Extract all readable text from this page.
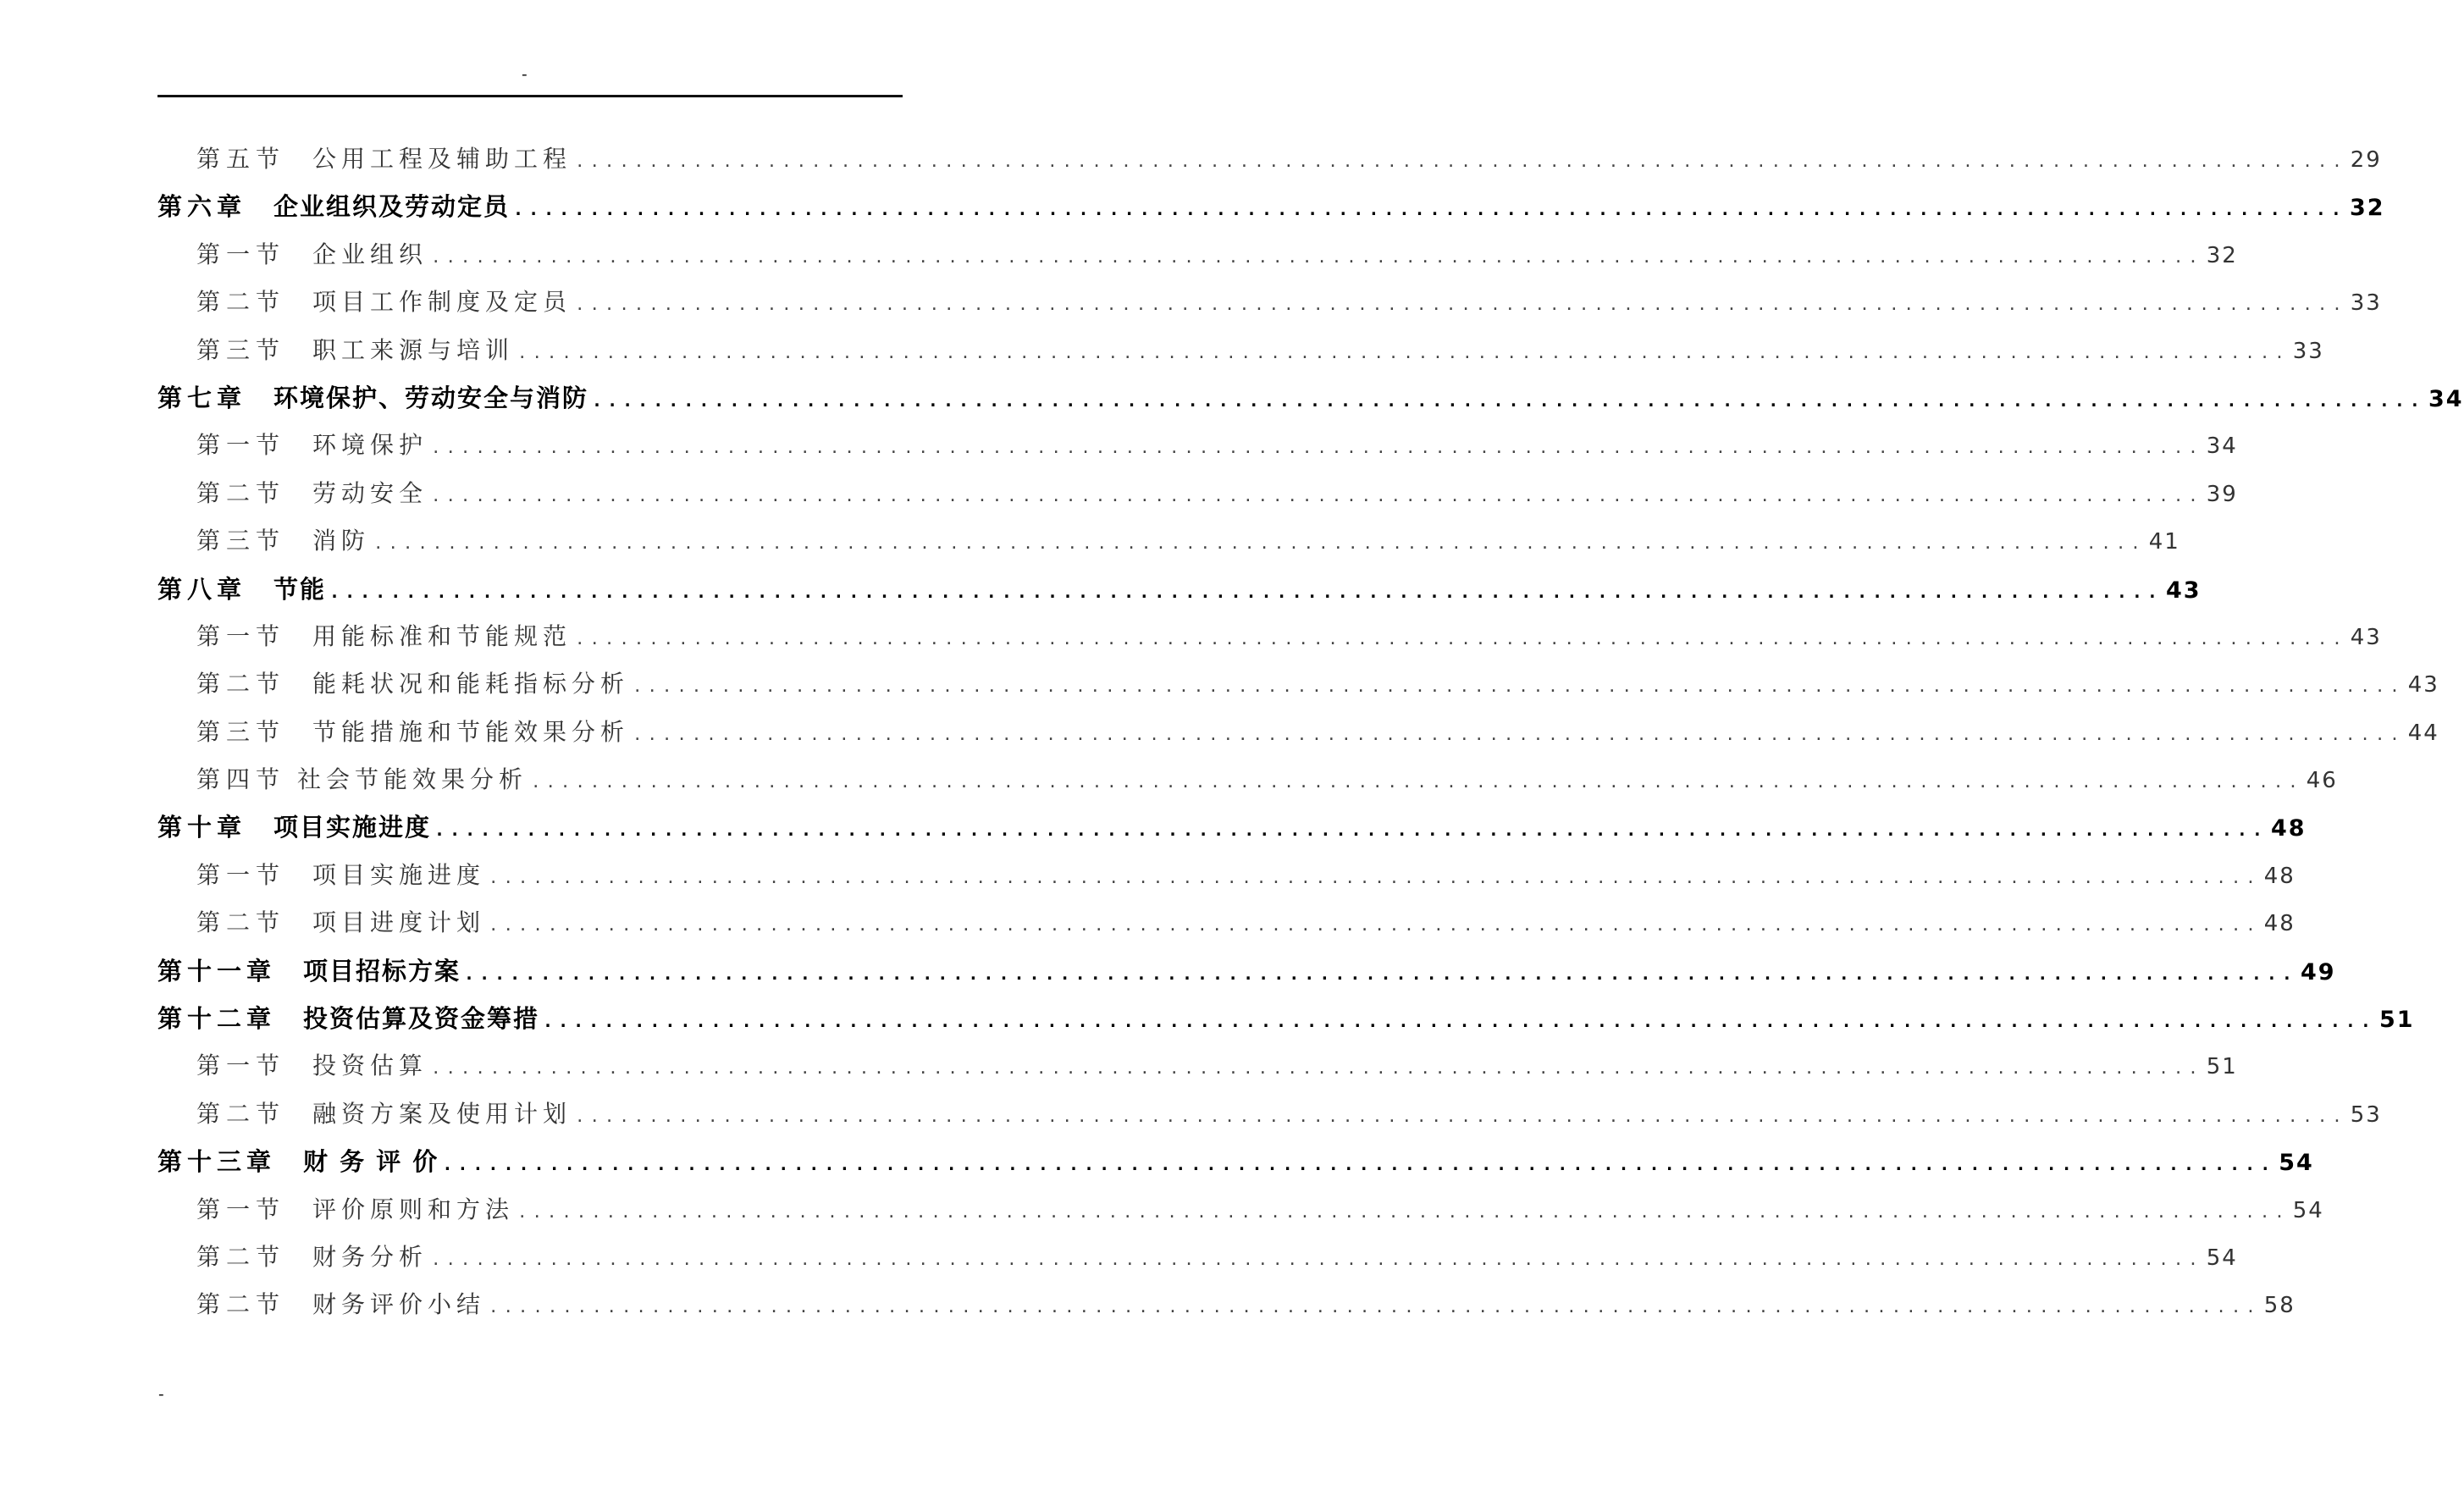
-
第五节 公用工程及辅助工程 ........................................................................................................................ 29
第六章 企业组织及劳动定员 ........................................................................................................................ 32
第一节 企业组织 ........................................................................................................................ 32
第二节 项目工作制度及定员 ........................................................................................................................ 33
第三节 职工来源与培训 ........................................................................................................................ 33
第七章 环境保护、劳动安全与消防 ........................................................................................................................ 34
第一节 环境保护 ........................................................................................................................ 34
第二节 劳动安全 ........................................................................................................................ 39
第三节 消防 ........................................................................................................................ 41
第八章 节能 ........................................................................................................................ 43
第一节 用能标准和节能规范 ........................................................................................................................ 43
第二节 能耗状况和能耗指标分析 ........................................................................................................................ 43
第三节 节能措施和节能效果分析 ........................................................................................................................ 44
第四节 社会节能效果分析 ........................................................................................................................ 46
第十章 项目实施进度 ........................................................................................................................ 48
第一节 项目实施进度 ........................................................................................................................ 48
第二节 项目进度计划 ........................................................................................................................ 48
第十一章 项目招标方案 ........................................................................................................................ 49
第十二章 投资估算及资金筹措 ........................................................................................................................ 51
第一节 投资估算 ........................................................................................................................ 51
第二节 融资方案及使用计划 ........................................................................................................................ 53
第十三章 财 务 评 价 ........................................................................................................................ 54
第一节 评价原则和方法 ........................................................................................................................ 54
第二节 财务分析 ........................................................................................................................ 54
第二节 财务评价小结 ........................................................................................................................ 58
-
